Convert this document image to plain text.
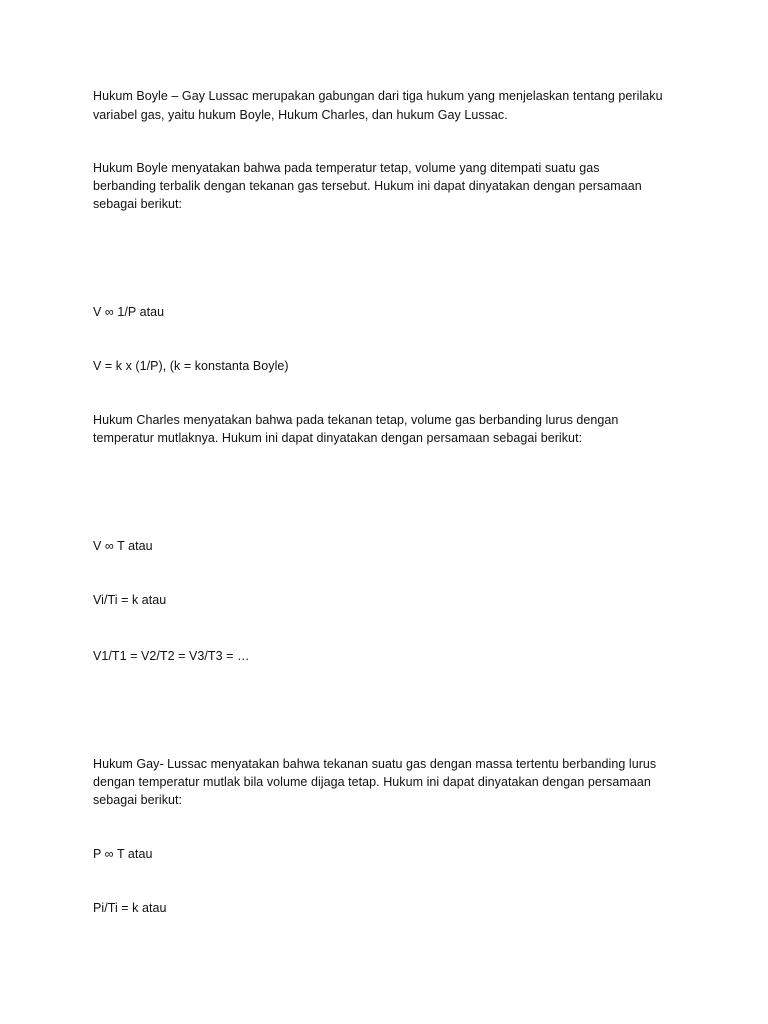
Hukum Boyle – Gay Lussac merupakan gabungan dari tiga hukum yang menjelaskan tentang perilaku
variabel gas, yaitu hukum Boyle, Hukum Charles, dan hukum Gay Lussac.
Hukum Boyle menyatakan bahwa pada temperatur tetap, volume yang ditempati suatu gas
berbanding terbalik dengan tekanan gas tersebut. Hukum ini dapat dinyatakan dengan persamaan
sebagai berikut:
V ∞ 1/P atau
V = k x (1/P), (k = konstanta Boyle)
Hukum Charles menyatakan bahwa pada tekanan tetap, volume gas berbanding lurus dengan
temperatur mutlaknya. Hukum ini dapat dinyatakan dengan persamaan sebagai berikut:
V ∞ T atau
Vi/Ti = k atau
V1/T1 = V2/T2 = V3/T3 = …
Hukum Gay- Lussac menyatakan bahwa tekanan suatu gas dengan massa tertentu berbanding lurus
dengan temperatur mutlak bila volume dijaga tetap. Hukum ini dapat dinyatakan dengan persamaan
sebagai berikut:
P ∞ T atau
Pi/Ti = k atau
